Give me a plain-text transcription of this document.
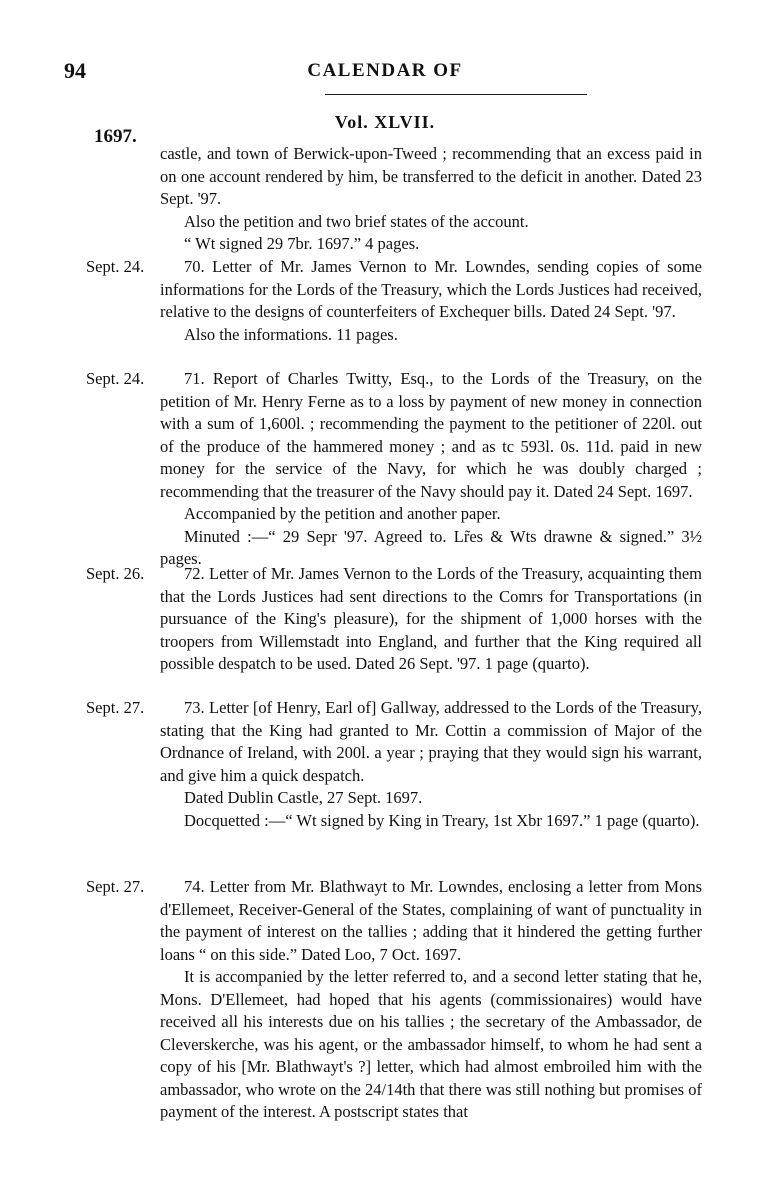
94	CALENDAR OF
Vol. XLVII.
1697.

castle, and town of Berwick-upon-Tweed ; recommending that an excess paid in on one account rendered by him, be transferred to the deficit in another. Dated 23 Sept. '97.

Also the petition and two brief states of the account.

“ Wt signed 29 7br. 1697.” 4 pages.

Sept. 24.	70. Letter of Mr. James Vernon to Mr. Lowndes, sending copies of some informations for the Lords of the Treasury, which the Lords Justices had received, relative to the designs of counterfeiters of Exchequer bills. Dated 24 Sept. '97.

Also the informations. 11 pages.

Sept. 24.	71. Report of Charles Twitty, Esq., to the Lords of the Treasury, on the petition of Mr. Henry Ferne as to a loss by payment of new money in connection with a sum of 1,600l. ; recommending the payment to the petitioner of 220l. out of the produce of the hammered money ; and as tc 593l. 0s. 11d. paid in new money for the service of the Navy, for which he was doubly charged ; recommending that the treasurer of the Navy should pay it. Dated 24 Sept. 1697.

Accompanied by the petition and another paper.

Minuted :—“ 29 Sepr '97. Agreed to. Lr̃es & Wts drawne & signed.” 3½ pages.

Sept. 26.	72. Letter of Mr. James Vernon to the Lords of the Treasury, acquainting them that the Lords Justices had sent directions to the Comrs for Transportations (in pursuance of the King's pleasure), for the shipment of 1,000 horses with the troopers from Willemstadt into England, and further that the King required all possible despatch to be used. Dated 26 Sept. '97. 1 page (quarto).

Sept. 27.	73. Letter [of Henry, Earl of] Gallway, addressed to the Lords of the Treasury, stating that the King had granted to Mr. Cottin a commission of Major of the Ordnance of Ireland, with 200l. a year ; praying that they would sign his warrant, and give him a quick despatch.

Dated Dublin Castle, 27 Sept. 1697.

Docquetted :—“ Wt signed by King in Treary, 1st Xbr 1697.” 1 page (quarto).

Sept. 27.	74. Letter from Mr. Blathwayt to Mr. Lowndes, enclosing a letter from Mons d'Ellemeet, Receiver-General of the States, complaining of want of punctuality in the payment of interest on the tallies ; adding that it hindered the getting further loans “ on this side.” Dated Loo, 7 Oct. 1697.

It is accompanied by the letter referred to, and a second letter stating that he, Mons. D'Ellemeet, had hoped that his agents (commissionaires) would have received all his interests due on his tallies ; the secretary of the Ambassador, de Cleverskerche, was his agent, or the ambassador himself, to whom he had sent a copy of his [Mr. Blathwayt's ?] letter, which had almost embroiled him with the ambassador, who wrote on the 24/14th that there was still nothing but promises of payment of the interest. A postscript states that
